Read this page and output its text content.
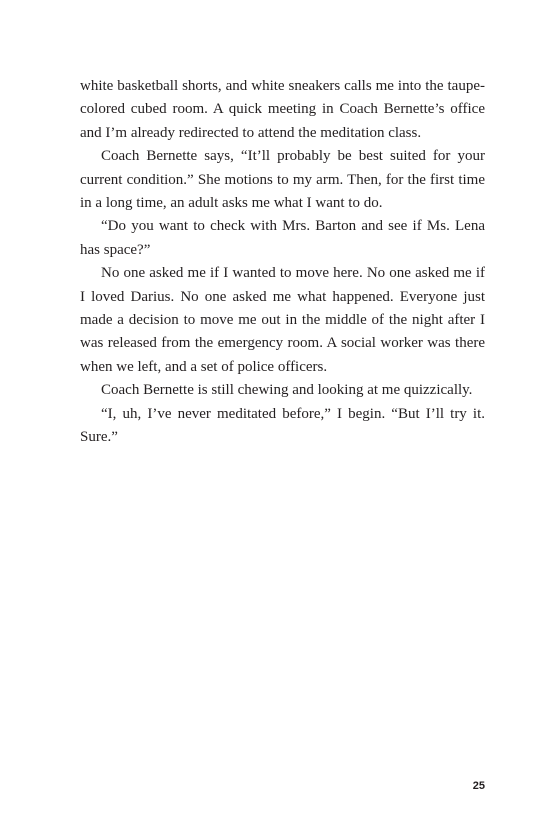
white basketball shorts, and white sneakers calls me into the taupe-colored cubed room. A quick meeting in Coach Bernette’s office and I’m already redirected to attend the meditation class.

Coach Bernette says, “It’ll probably be best suited for your current condition.” She motions to my arm. Then, for the first time in a long time, an adult asks me what I want to do.

“Do you want to check with Mrs. Barton and see if Ms. Lena has space?”

No one asked me if I wanted to move here. No one asked me if I loved Darius. No one asked me what happened. Everyone just made a decision to move me out in the middle of the night after I was released from the emergency room. A social worker was there when we left, and a set of police officers.

Coach Bernette is still chewing and looking at me quizzically.

“I, uh, I’ve never meditated before,” I begin. “But I’ll try it. Sure.”

25
